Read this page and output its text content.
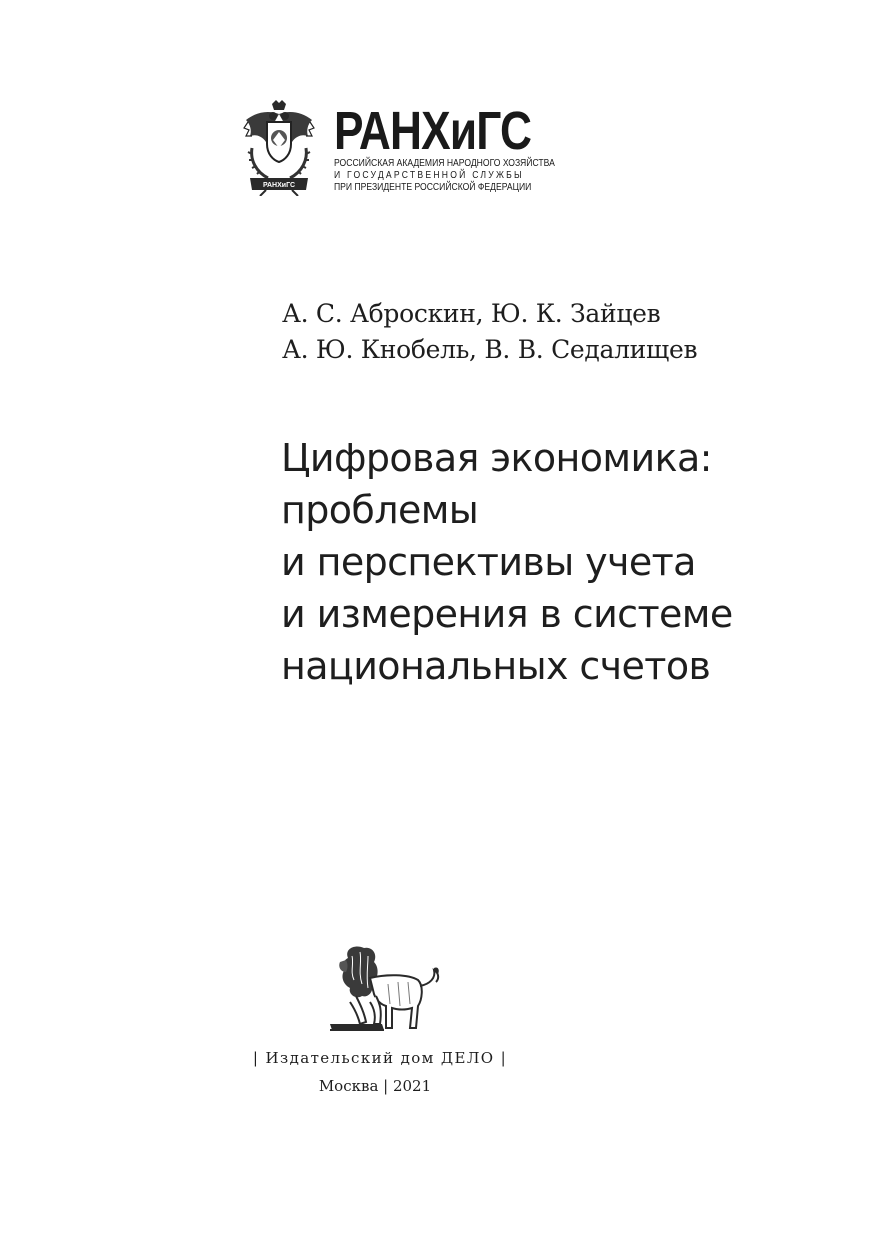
РАНХиГС
РАНХиГС
РОССИЙСКАЯ АКАДЕМИЯ НАРОДНОГО ХОЗЯЙСТВА
И ГОСУДАРСТВЕННОЙ СЛУЖБЫ
ПРИ ПРЕЗИДЕНТЕ РОССИЙСКОЙ ФЕДЕРАЦИИ
А. С. Аброскин, Ю. К. Зайцев
А. Ю. Кнобель, В. В. Седалищев
Цифровая экономика:
проблемы
и перспективы учета
и измерения в системе
национальных счетов
| Издательский дом ДЕЛО |
Москва | 2021
